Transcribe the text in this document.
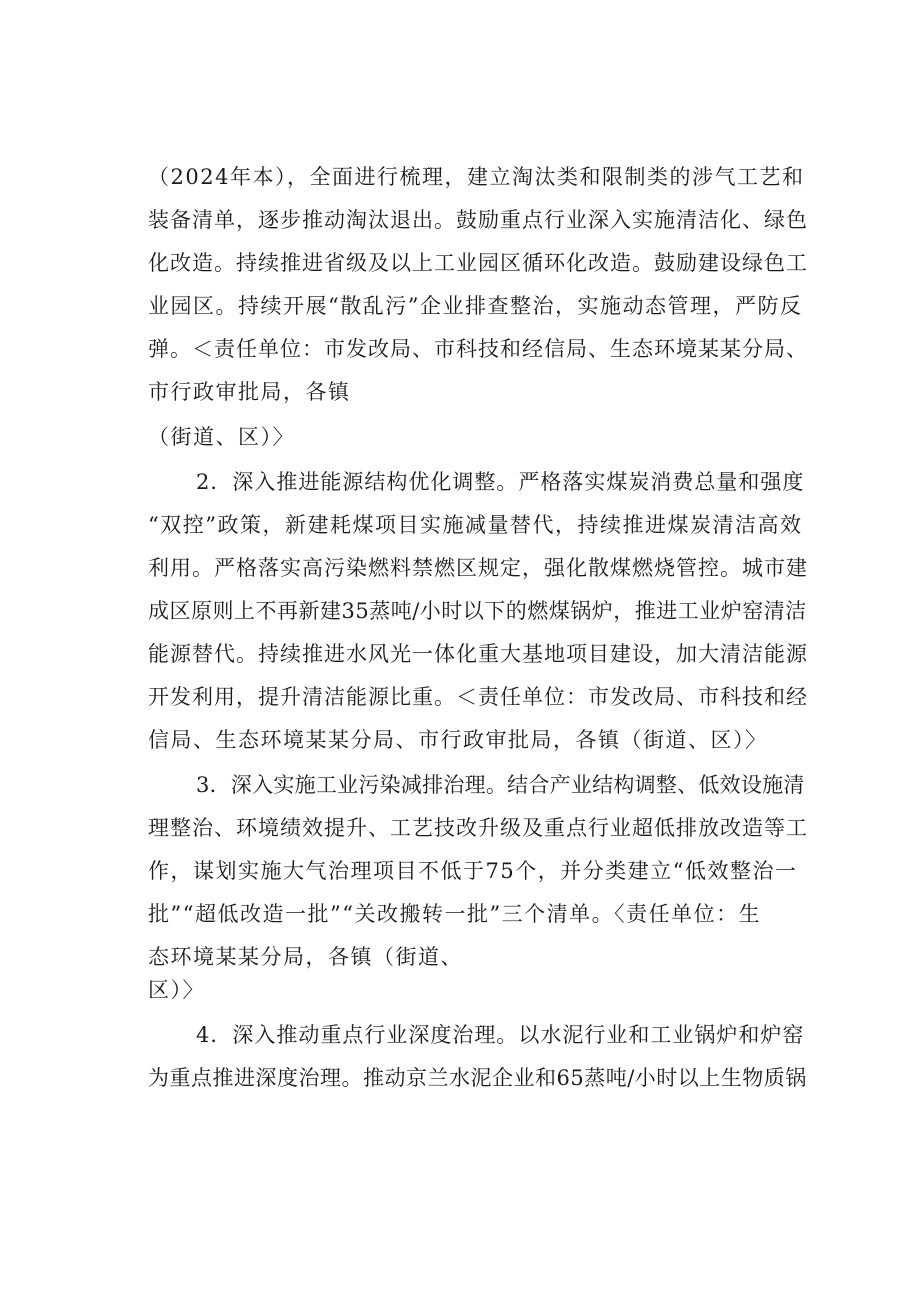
（2024年本），全面进行梳理，建立淘汰类和限制类的涉气工艺和
装备清单，逐步推动淘汰退出。鼓励重点行业深入实施清洁化、绿色
化改造。持续推进省级及以上工业园区循环化改造。鼓励建设绿色工
业园区。持续开展“散乱污”企业排查整治，实施动态管理，严防反
弹。＜责任单位：市发改局、市科技和经信局、生态环境某某分局、
市行政审批局，各镇
（街道、区）〉
2．深入推进能源结构优化调整。严格落实煤炭消费总量和强度
“双控”政策，新建耗煤项目实施减量替代，持续推进煤炭清洁高效
利用。严格落实高污染燃料禁燃区规定，强化散煤燃烧管控。城市建
成区原则上不再新建35蒸吨/小时以下的燃煤锅炉，推进工业炉窑清洁
能源替代。持续推进水风光一体化重大基地项目建设，加大清洁能源
开发利用，提升清洁能源比重。＜责任单位：市发改局、市科技和经
信局、生态环境某某分局、市行政审批局，各镇（街道、区）〉
3．深入实施工业污染减排治理。结合产业结构调整、低效设施清
理整治、环境绩效提升、工艺技改升级及重点行业超低排放改造等工
作，谋划实施大气治理项目不低于75个，并分类建立“低效整治一
批”“超低改造一批”“关改搬转一批”三个清单。〈责任单位：生
态环境某某分局，各镇（街道、
区）〉
4．深入推动重点行业深度治理。以水泥行业和工业锅炉和炉窑
为重点推进深度治理。推动京兰水泥企业和65蒸吨/小时以上生物质锅
